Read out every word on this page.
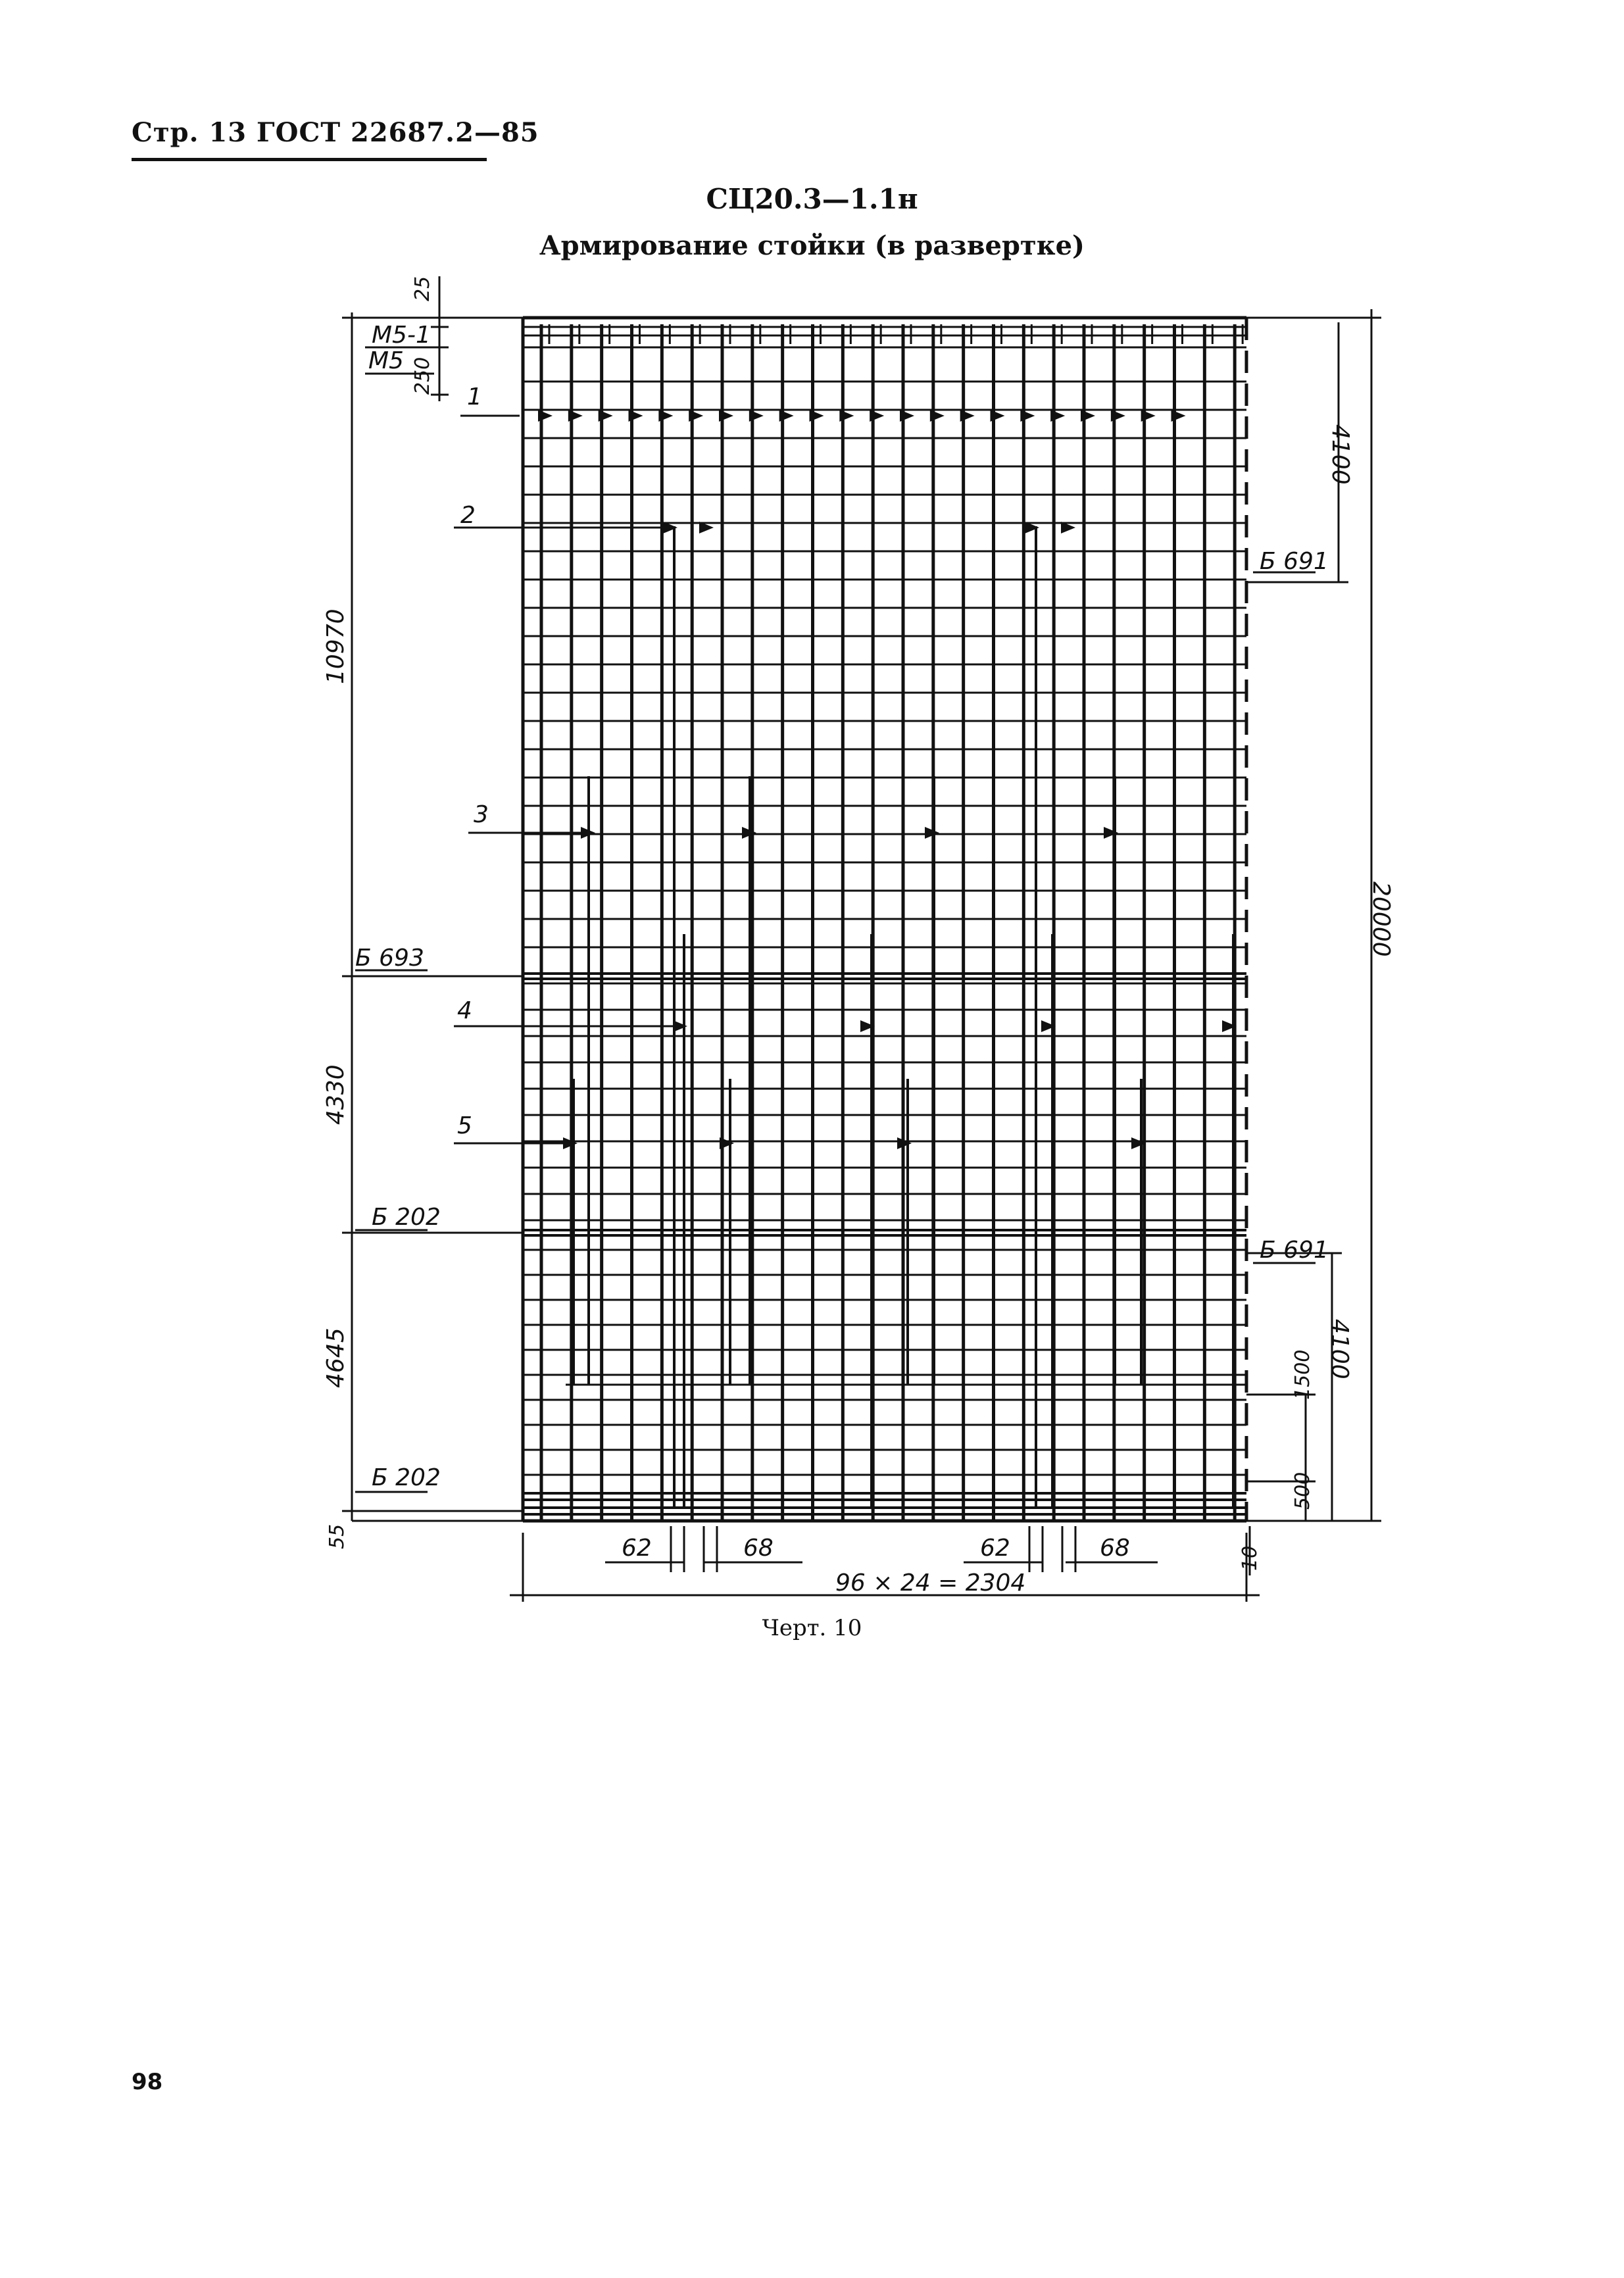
Стр. 13 ГОСТ 22687.2—85
СЦ20.3—1.1н
Армирование стойки (в развертке)
М5-1
М5
Б 693
Б 202
Б 202
Б 691
Б 691
1
2
3
4
5
25
250
10970
4330
4645
55
4100
20000
4100
1500
500
10
62	68	62	68
96 × 24 = 2304
Черт. 10
98
